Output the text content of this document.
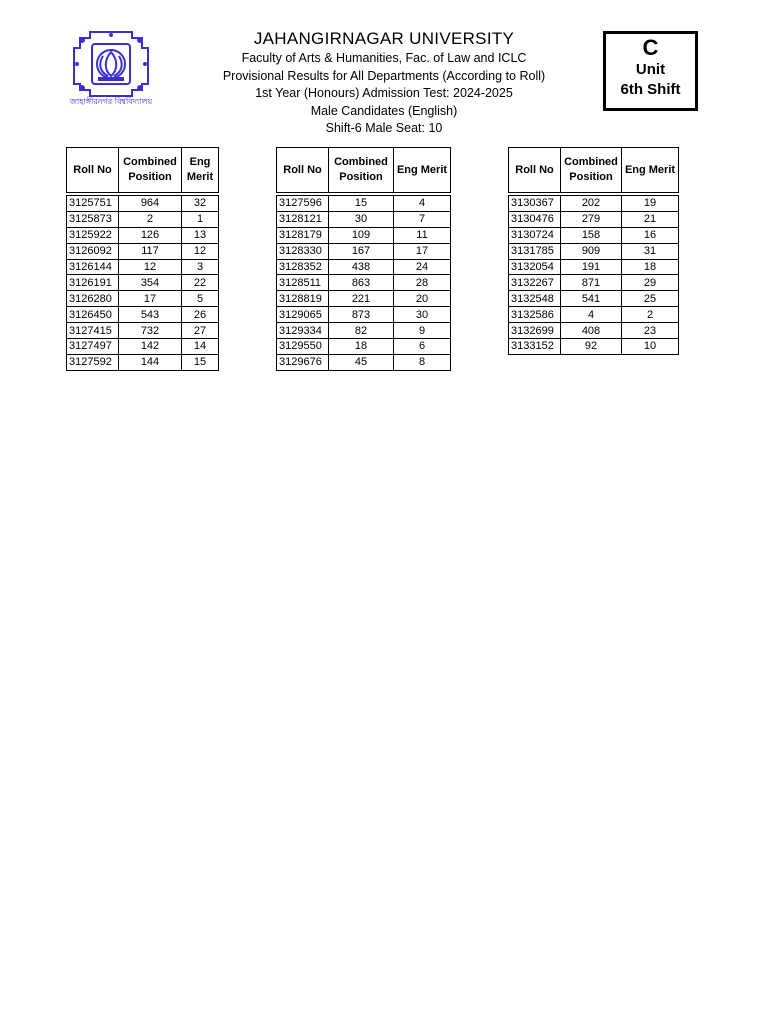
জাহাঙ্গীরনগর বিশ্ববিদ্যালয়
JAHANGIRNAGAR UNIVERSITY
Faculty of Arts & Humanities, Fac. of Law and ICLC
Provisional Results for All Departments (According to Roll)
1st Year (Honours) Admission Test: 2024-2025
Male Candidates (English)
Shift-6 Male Seat: 10
C
Unit
6th Shift
Roll No	Combined Position	Eng Merit

3125751	964	32
3125873	2	1
3125922	126	13
3126092	117	12
3126144	12	3
3126191	354	22
3126280	17	5
3126450	543	26
3127415	732	27
3127497	142	14
3127592	144	15
Roll No	Combined Position	Eng Merit

3127596	15	4
3128121	30	7
3128179	109	11
3128330	167	17
3128352	438	24
3128511	863	28
3128819	221	20
3129065	873	30
3129334	82	9
3129550	18	6
3129676	45	8
Roll No	Combined Position	Eng Merit

3130367	202	19
3130476	279	21
3130724	158	16
3131785	909	31
3132054	191	18
3132267	871	29
3132548	541	25
3132586	4	2
3132699	408	23
3133152	92	10
